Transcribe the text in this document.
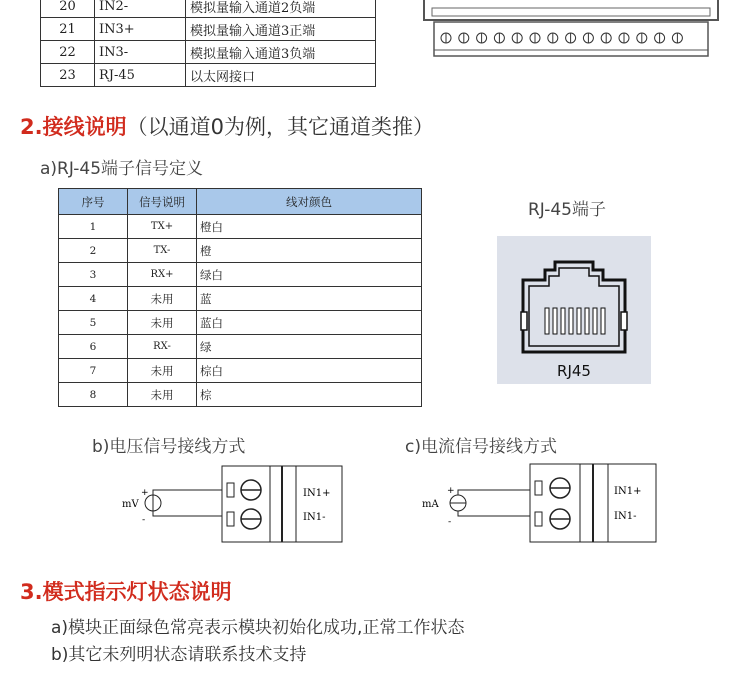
20	IN2-	模拟量输入通道2负端
21	IN3+	模拟量输入通道3正端
22	IN3-	模拟量输入通道3负端
23	RJ-45	以太网接口
2.接线说明（以通道0为例，其它通道类推）
a)RJ-45端子信号定义
序号	信号说明	线对颜色
1	TX+	橙白
2	TX-	橙
3	RX+	绿白
4	未用	蓝
5	未用	蓝白
6	RX-	绿
7	未用	棕白
8	未用	棕
RJ-45端子
RJ45
b)电压信号接线方式
mV
+
-
IN1+
IN1-
c)电流信号接线方式
mA
+
-
IN1+
IN1-
3.模式指示灯状态说明
a)模块正面绿色常亮表示模块初始化成功,正常工作状态
b)其它未列明状态请联系技术支持
